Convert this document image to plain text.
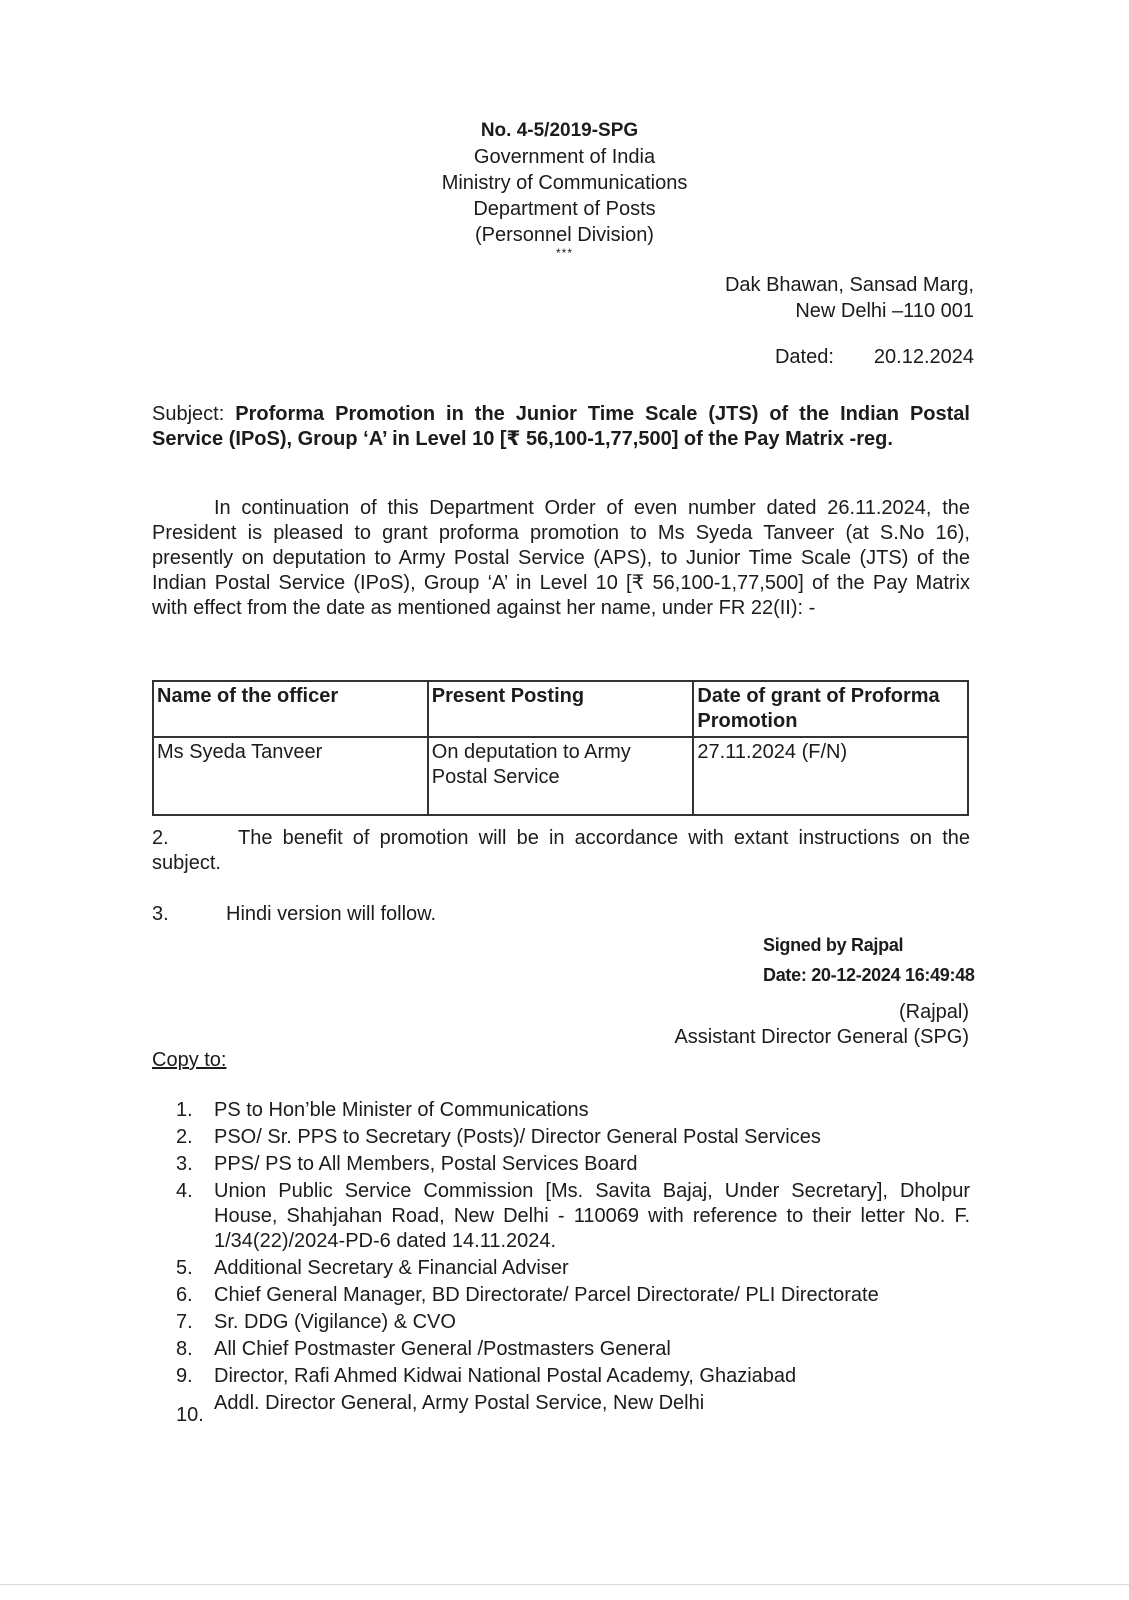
No. 4-5/2019-SPG
Government of India
Ministry of Communications
Department of Posts
(Personnel Division)
***
Dak Bhawan, Sansad Marg,
New Delhi –110 001
Dated: 20.12.2024
Subject: Proforma Promotion in the Junior Time Scale (JTS) of the Indian Postal Service (IPoS), Group ‘A’ in Level 10 [₹ 56,100-1,77,500] of the Pay Matrix -reg.
In continuation of this Department Order of even number dated 26.11.2024, the President is pleased to grant proforma promotion to Ms Syeda Tanveer (at S.No 16), presently on deputation to Army Postal Service (APS), to Junior Time Scale (JTS) of the Indian Postal Service (IPoS), Group ‘A’ in Level 10 [₹ 56,100-1,77,500] of the Pay Matrix with effect from the date as mentioned against her name, under FR 22(II): -
Name of the officer	Present Posting	Date of grant of Proforma Promotion
Ms Syeda Tanveer	On deputation to Army Postal Service	27.11.2024 (F/N)
2.	The benefit of promotion will be in accordance with extant instructions on the subject.
3.	Hindi version will follow.
Signed by Rajpal
Date: 20-12-2024 16:49:48
(Rajpal)
Assistant Director General (SPG)
Copy to:
1. PS to Hon’ble Minister of Communications
2. PSO/ Sr. PPS to Secretary (Posts)/ Director General Postal Services
3. PPS/ PS to All Members, Postal Services Board
4. Union Public Service Commission [Ms. Savita Bajaj, Under Secretary], Dholpur House, Shahjahan Road, New Delhi - 110069 with reference to their letter No. F. 1/34(22)/2024-PD-6 dated 14.11.2024.
5. Additional Secretary & Financial Adviser
6. Chief General Manager, BD Directorate/ Parcel Directorate/ PLI Directorate
7. Sr. DDG (Vigilance) & CVO
8. All Chief Postmaster General /Postmasters General
9. Director, Rafi Ahmed Kidwai National Postal Academy, Ghaziabad
10.
Addl. Director General, Army Postal Service, New Delhi
